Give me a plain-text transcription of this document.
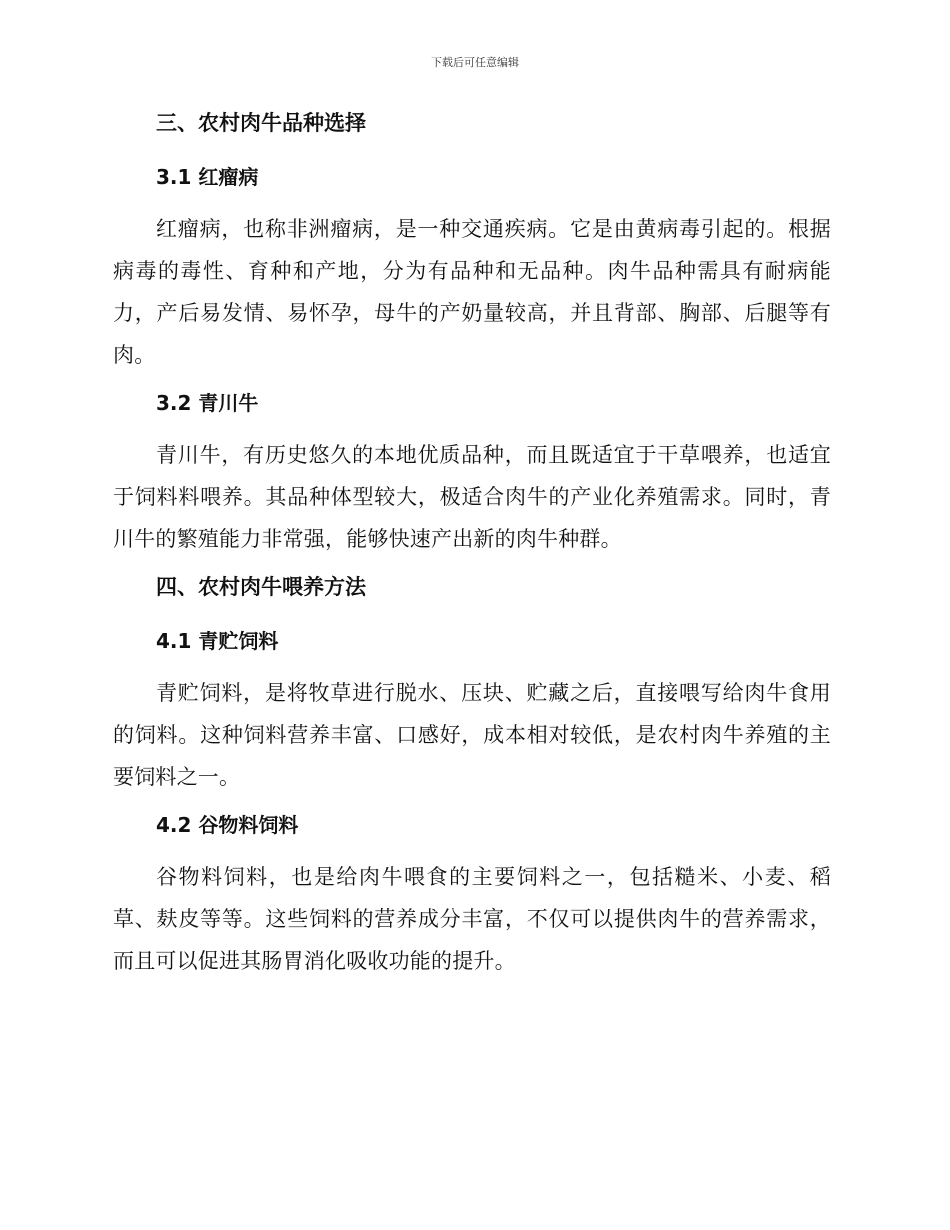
下载后可任意编辑
三、农村肉牛品种选择
3.1 红瘤病

红瘤病，也称非洲瘤病，是一种交通疾病。它是由黄病毒引起的。根据病毒的毒性、育种和产地，分为有品种和无品种。肉牛品种需具有耐病能力，产后易发情、易怀孕，母牛的产奶量较高，并且背部、胸部、后腿等有肉。

3.2 青川牛

青川牛，有历史悠久的本地优质品种，而且既适宜于干草喂养，也适宜于饲料料喂养。其品种体型较大，极适合肉牛的产业化养殖需求。同时，青川牛的繁殖能力非常强，能够快速产出新的肉牛种群。

四、农村肉牛喂养方法
4.1 青贮饲料

青贮饲料，是将牧草进行脱水、压块、贮藏之后，直接喂写给肉牛食用的饲料。这种饲料营养丰富、口感好，成本相对较低，是农村肉牛养殖的主要饲料之一。

4.2 谷物料饲料

谷物料饲料，也是给肉牛喂食的主要饲料之一，包括糙米、小麦、稻草、麸皮等等。这些饲料的营养成分丰富，不仅可以提供肉牛的营养需求，而且可以促进其肠胃消化吸收功能的提升。
